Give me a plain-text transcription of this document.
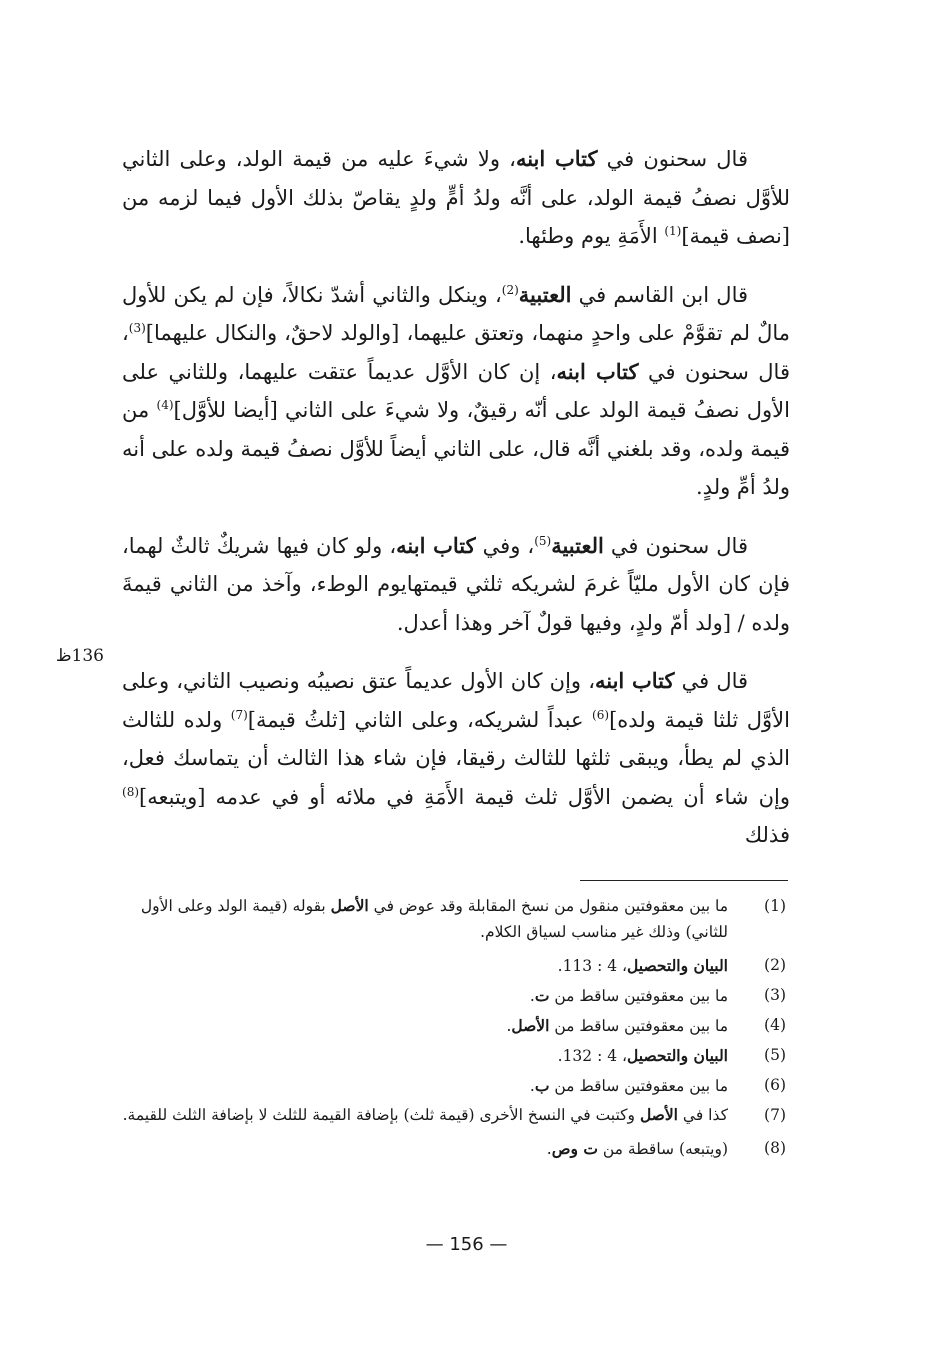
قال سحنون في كتاب ابنه، ولا شيءَ عليه من قيمة الولد، وعلى الثاني للأوَّل نصفُ قيمة الولد، على أنَّه ولدُ أمٍّ ولدٍ يقاصّ بذلك الأول فيما لزمه من [نصف قيمة]$^{(1)}$ الأَمَةِ يوم وطئها.

قال ابن القاسم في العتبية$^{(2)}$، وينكل والثاني أشدّ نكالاً، فإن لم يكن للأول مالٌ لم تقوَّمْ على واحدٍ منهما، وتعتق عليهما، [والولد لاحقٌ، والنكال عليهما]$^{(3)}$، قال سحنون في كتاب ابنه، إن كان الأوَّل عديماً عتقت عليهما، وللثاني على الأول نصفُ قيمة الولد على أنّه رقيقٌ، ولا شيءَ على الثاني [أيضا للأوَّل]$^{(4)}$ من قيمة ولده، وقد بلغني أنَّه قال، على الثاني أيضاً للأوَّل نصفُ قيمة ولده على أنه ولدُ أمِّ ولدٍ.

قال سحنون في العتبية$^{(5)}$، وفي كتاب ابنه، ولو كان فيها شريكٌ ثالثٌ لهما، فإن كان الأول مليّاً غرمَ لشريكه ثلثي قيمتهايوم الوطء، وآخذ من الثاني قيمةَ ولده / [ولد أمّ ولدٍ، وفيها قولٌ آخر وهذا أعدل.

قال في كتاب ابنه، وإن كان الأول عديماً عتق نصيبُه ونصيب الثاني، وعلى الأوَّل ثلثا قيمة ولده]$^{(6)}$ عبداً لشريكه، وعلى الثاني [ثلثُ قيمة]$^{(7)}$ ولده للثالث الذي لم يطأ، ويبقى ثلثها للثالث رقيقا، فإن شاء هذا الثالث أن يتماسك فعل، وإن شاء أن يضمن الأوَّل ثلث قيمة الأَمَةِ في ملائه أو في عدمه [ويتبعه]$^{(8)}$ فذلك

136ظ
(1)
ما بين معقوفتين منقول من نسخ المقابلة وقد عوض في الأصل بقوله (قيمة الولد وعلى الأول للثاني) وذلك غير مناسب لسياق الكلام.
(2)
البيان والتحصيل، 4 : 113.
(3)
ما بين معقوفتين ساقط من ت.
(4)
ما بين معقوفتين ساقط من الأصل.
(5)
البيان والتحصيل، 4 : 132.
(6)
ما بين معقوفتين ساقط من ب.
(7)
كذا في الأصل وكتبت في النسخ الأخرى (قيمة ثلث) بإضافة القيمة للثلث لا بإضافة الثلث للقيمة.
(8)
(ويتبعه) ساقطة من ت وص.
— 156 —
